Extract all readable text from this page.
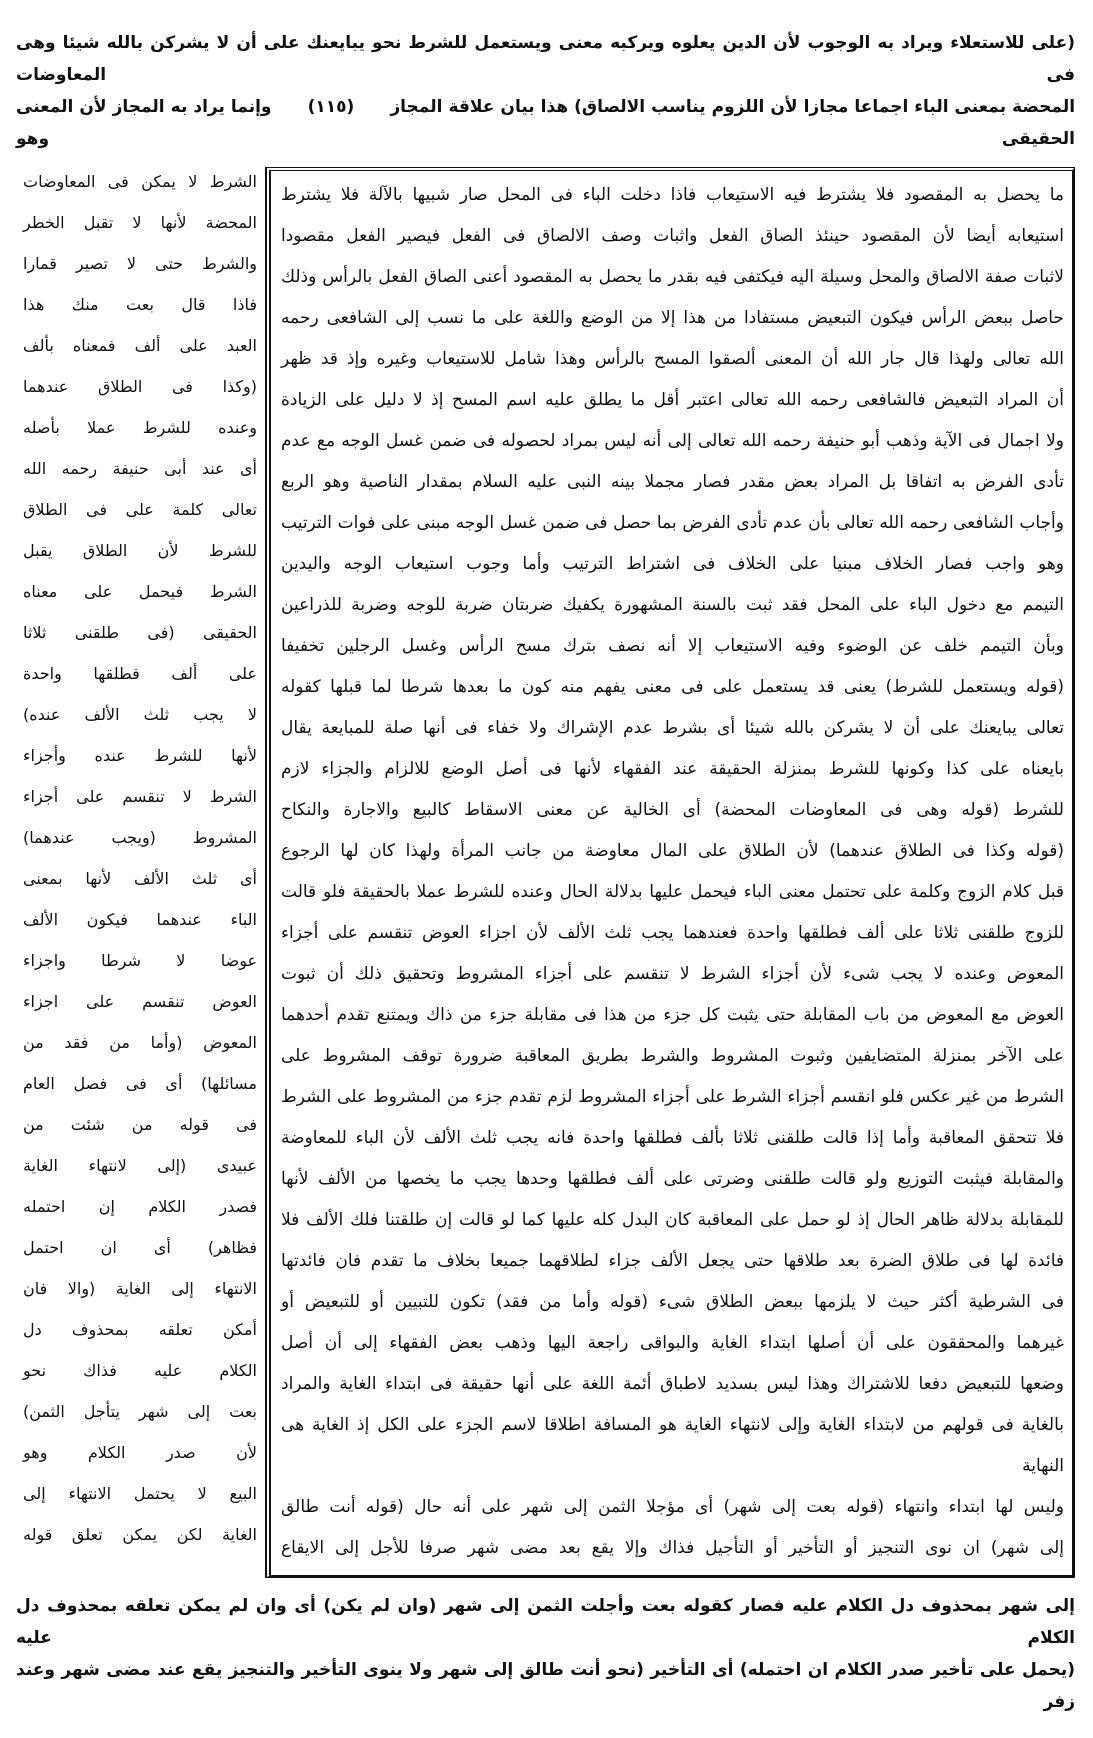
(على للاستعلاء ويراد به الوجوب لأن الدين يعلوه ويركبه معنى ويستعمل للشرط نحو يبايعنك على أن لا يشركن بالله شيئا وهى فى المعاوضات
المحضة بمعنى الباء اجماعا مجازا لأن اللزوم يناسب الالصاق) هذا بيان علاقة المجاز  (١١٥)  وإنما يراد به المجاز لأن المعنى الحقيقى وهو
ما يحصل به المقصود فلا يشترط فيه الاستيعاب فاذا دخلت الباء فى المحل صار شبيها بالآلة فلا يشترط
استيعابه أيضا لأن المقصود حينئذ الصاق الفعل واثبات وصف الالصاق فى الفعل فيصير الفعل مقصودا
لاثبات صفة الالصاق والمحل وسيلة اليه فيكتفى فيه بقدر ما يحصل به المقصود أعنى الصاق الفعل بالرأس وذلك
حاصل ببعض الرأس فيكون التبعيض مستفادا من هذا إلا من الوضع واللغة على ما نسب إلى الشافعى رحمه
الله تعالى ولهذا قال جار الله أن المعنى ألصقوا المسح بالرأس وهذا شامل للاستيعاب وغيره وإذ قد ظهر
أن المراد التبعيض فالشافعى رحمه الله تعالى اعتبر أقل ما يطلق عليه اسم المسح إذ لا دليل على الزيادة
ولا اجمال فى الآية وذهب أبو حنيفة رحمه الله تعالى إلى أنه ليس بمراد لحصوله فى ضمن غسل الوجه مع عدم
تأدى الفرض به اتفاقا بل المراد بعض مقدر فصار مجملا بينه النبى عليه السلام بمقدار الناصية وهو الربع
وأجاب الشافعى رحمه الله تعالى بأن عدم تأدى الفرض بما حصل فى ضمن غسل الوجه مبنى على فوات الترتيب
وهو واجب فصار الخلاف مبنيا على الخلاف فى اشتراط الترتيب وأما وجوب استيعاب الوجه واليدين
التيمم مع دخول الباء على المحل فقد ثبت بالسنة المشهورة يكفيك ضربتان ضربة للوجه وضربة للذراعين
وبأن التيمم خلف عن الوضوء وفيه الاستيعاب إلا أنه نصف بترك مسح الرأس وغسل الرجلين تخفيفا
(قوله ويستعمل للشرط) يعنى قد يستعمل على فى معنى يفهم منه كون ما بعدها شرطا لما قبلها كقوله
تعالى يبايعنك على أن لا يشركن بالله شيئا أى بشرط عدم الإشراك ولا خفاء فى أنها صلة للمبايعة يقال
بايعناه على كذا وكونها للشرط بمنزلة الحقيقة عند الفقهاء لأنها فى أصل الوضع للالزام والجزاء لازم
للشرط (قوله وهى فى المعاوضات المحضة) أى الخالية عن معنى الاسقاط كالبيع والاجارة والنكاح
(قوله وكذا فى الطلاق عندهما) لأن الطلاق على المال معاوضة من جانب المرأة ولهذا كان لها الرجوع
قبل كلام الزوج وكلمة على تحتمل معنى الباء فيحمل عليها بدلالة الحال وعنده للشرط عملا بالحقيقة فلو قالت
للزوج طلقنى ثلاثا على ألف فطلقها واحدة فعندهما يجب ثلث الألف لأن اجزاء العوض تنقسم على أجزاء
المعوض وعنده لا يجب شىء لأن أجزاء الشرط لا تنقسم على أجزاء المشروط وتحقيق ذلك أن ثبوت
العوض مع المعوض من باب المقابلة حتى يثبت كل جزء من هذا فى مقابلة جزء من ذاك ويمتنع تقدم أحدهما
على الآخر بمنزلة المتضايفين وثبوت المشروط والشرط بطريق المعاقبة ضرورة توقف المشروط على
الشرط من غير عكس فلو انقسم أجزاء الشرط على أجزاء المشروط لزم تقدم جزء من المشروط على الشرط
فلا تتحقق المعاقبة وأما إذا قالت طلقنى ثلاثا بألف فطلقها واحدة فانه يجب ثلث الألف لأن الباء للمعاوضة
والمقابلة فيثبت التوزيع ولو قالت طلقنى وضرتى على ألف فطلقها وحدها يجب ما يخصها من الألف لأنها
للمقابلة بدلالة ظاهر الحال إذ لو حمل على المعاقبة كان البدل كله عليها كما لو قالت إن طلقتنا فلك الألف فلا
فائدة لها فى طلاق الضرة بعد طلاقها حتى يجعل الألف جزاء لطلاقهما جميعا بخلاف ما تقدم فان فائدتها
فى الشرطية أكثر حيث لا يلزمها ببعض الطلاق شىء (قوله وأما من فقد) تكون للتبيين أو للتبعيض أو
غيرهما والمحققون على أن أصلها ابتداء الغاية والبواقى راجعة اليها وذهب بعض الفقهاء إلى أن أصل
وضعها للتبعيض دفعا للاشتراك وهذا ليس بسديد لاطباق أئمة اللغة على أنها حقيقة فى ابتداء الغاية والمراد
بالغاية فى قولهم من لابتداء الغاية وإلى لانتهاء الغاية هو المسافة اطلاقا لاسم الجزء على الكل إذ الغاية هى النهاية
وليس لها ابتداء وانتهاء (قوله بعت إلى شهر) أى مؤجلا الثمن إلى شهر على أنه حال (قوله أنت طالق
إلى شهر) ان نوى التنجيز أو التأخير أو التأجيل فذاك وإلا يقع بعد مضى شهر صرفا للأجل إلى الايقاع
الشرط لا يمكن فى المعاوضات
المحضة لأنها لا تقبل الخطر
والشرط حتى لا تصير قمارا
فاذا قال بعت منك هذا
العبد على ألف فمعناه بألف
(وكذا فى الطلاق عندهما
وعنده للشرط عملا بأصله
أى عند أبى حنيفة رحمه الله
تعالى كلمة على فى الطلاق
للشرط لأن الطلاق يقبل
الشرط فيحمل على معناه
الحقيقى (فى طلقنى ثلاثا
على ألف فطلقها واحدة
لا يجب ثلث الألف عنده)
لأنها للشرط عنده وأجزاء
الشرط لا تنقسم على أجزاء
المشروط (ويجب عندهما)
أى ثلث الألف لأنها بمعنى
الباء عندهما فيكون الألف
عوضا لا شرطا واجزاء
العوض تنقسم على اجزاء
المعوض (وأما من فقد من
مسائلها) أى فى فصل العام
فى قوله من شئت من
عبيدى (إلى لانتهاء الغاية
فصدر الكلام إن احتمله
فظاهر) أى ان احتمل
الانتهاء إلى الغاية (والا فان
أمكن تعلقه بمحذوف دل
الكلام عليه فذاك نحو
بعت إلى شهر يتأجل الثمن)
لأن صدر الكلام وهو
البيع لا يحتمل الانتهاء إلى
الغاية لكن يمكن تعلق قوله
إلى شهر بمحذوف دل الكلام عليه فصار كقوله بعت وأجلت الثمن إلى شهر (وان لم يكن) أى وان لم يمكن تعلقه بمحذوف دل الكلام عليه
(يحمل على تأخير صدر الكلام ان احتمله) أى التأخير (نحو أنت طالق إلى شهر ولا ينوى التأخير والتنجيز يقع عند مضى شهر وعند زفر
